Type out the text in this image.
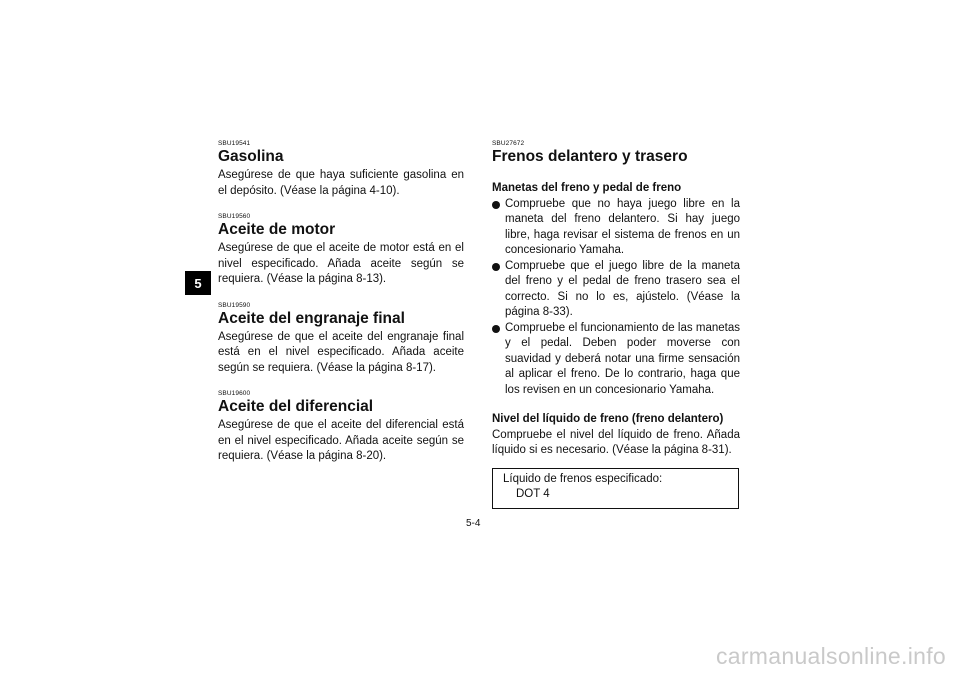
5

SBU19541

Gasolina

Asegúrese de que haya suficiente gasolina en el depósito. (Véase la página 4-10).

SBU19560

Aceite de motor

Asegúrese de que el aceite de motor está en el nivel especificado. Añada aceite según se requiera. (Véase la página 8-13).

SBU19590

Aceite del engranaje final

Asegúrese de que el aceite del engranaje final está en el nivel especificado. Añada aceite según se requiera. (Véase la página 8-17).

SBU19600

Aceite del diferencial

Asegúrese de que el aceite del diferencial está en el nivel especificado. Añada aceite según se requiera. (Véase la página 8-20).

SBU27672

Frenos delantero y trasero

Manetas del freno y pedal de freno

Compruebe que no haya juego libre en la maneta del freno delantero. Si hay juego libre, haga revisar el sistema de frenos en un concesionario Yamaha.
Compruebe que el juego libre de la maneta del freno y el pedal de freno trasero sea el correcto. Si no lo es, ajústelo. (Véase la página 8-33).
Compruebe el funcionamiento de las manetas y el pedal. Deben poder moverse con suavidad y deberá notar una firme sensación al aplicar el freno. De lo contrario, haga que los revisen en un concesionario Yamaha.

Nivel del líquido de freno (freno delantero)

Compruebe el nivel del líquido de freno. Añada líquido si es necesario. (Véase la página 8-31).

Líquido de frenos especificado:
DOT 4
5-4
carmanualsonline.info
